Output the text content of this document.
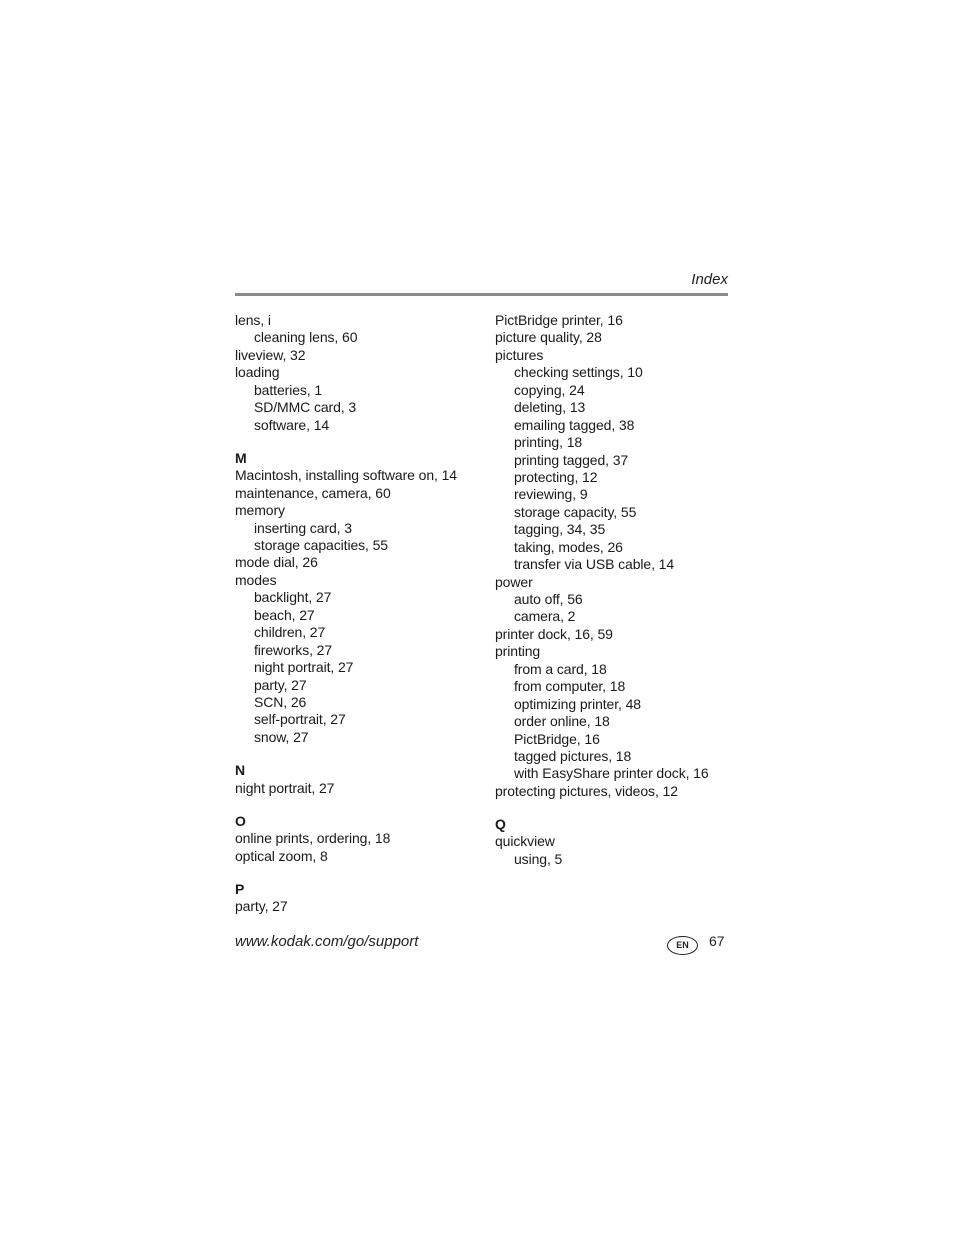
Index
lens, i
cleaning lens, 60
liveview, 32
loading
batteries, 1
SD/MMC card, 3
software, 14
M
Macintosh, installing software on, 14
maintenance, camera, 60
memory
inserting card, 3
storage capacities, 55
mode dial, 26
modes
backlight, 27
beach, 27
children, 27
fireworks, 27
night portrait, 27
party, 27
SCN, 26
self-portrait, 27
snow, 27
N
night portrait, 27
O
online prints, ordering, 18
optical zoom, 8
P
party, 27
PictBridge printer, 16
picture quality, 28
pictures
checking settings, 10
copying, 24
deleting, 13
emailing tagged, 38
printing, 18
printing tagged, 37
protecting, 12
reviewing, 9
storage capacity, 55
tagging, 34, 35
taking, modes, 26
transfer via USB cable, 14
power
auto off, 56
camera, 2
printer dock, 16, 59
printing
from a card, 18
from computer, 18
optimizing printer, 48
order online, 18
PictBridge, 16
tagged pictures, 18
with EasyShare printer dock, 16
protecting pictures, videos, 12
Q
quickview
using, 5
www.kodak.com/go/support	EN	67
